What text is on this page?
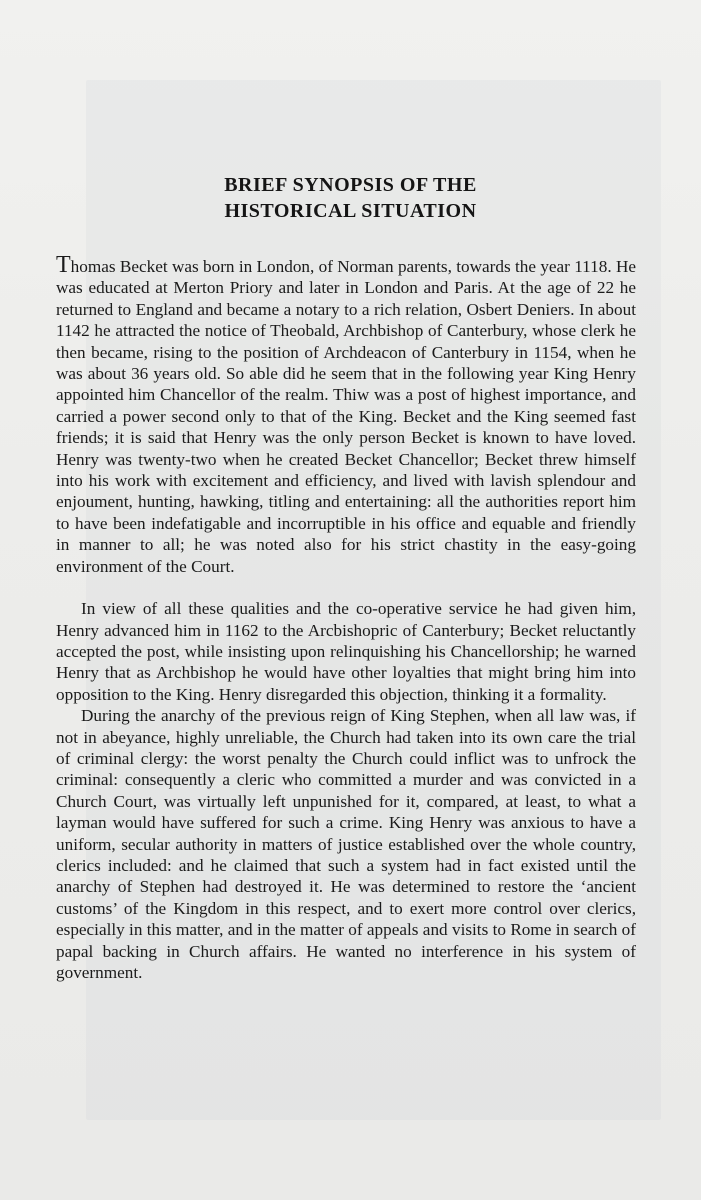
BRIEF SYNOPSIS OF THE
HISTORICAL SITUATION

Thomas Becket was born in London, of Norman parents, towards the year 1118. He was educated at Merton Priory and later in London and Paris. At the age of 22 he returned to England and became a notary to a rich relation, Osbert Deniers. In about 1142 he attracted the notice of Theobald, Archbishop of Canterbury, whose clerk he then became, rising to the position of Archdeacon of Canterbury in 1154, when he was about 36 years old. So able did he seem that in the following year King Henry appointed him Chancellor of the realm. Thiw was a post of highest importance, and carried a power second only to that of the King. Becket and the King seemed fast friends; it is said that Henry was the only person Becket is known to have loved. Henry was twenty-two when he created Becket Chancellor; Becket threw himself into his work with excitement and efficiency, and lived with lavish splendour and enjoument, hunting, hawking, titling and entertaining: all the authorities report him to have been indefatigable and incorruptible in his office and equable and friendly in manner to all; he was noted also for his strict chastity in the easy-going environment of the Court.

In view of all these qualities and the co-operative service he had given him, Henry advanced him in 1162 to the Arcbishopric of Canterbury; Becket reluctantly accepted the post, while insisting upon relinquishing his Chancellorship; he warned Henry that as Archbishop he would have other loyalties that might bring him into opposition to the King. Henry disregarded this objection, thinking it a formality.

During the anarchy of the previous reign of King Stephen, when all law was, if not in abeyance, highly unreliable, the Church had taken into its own care the trial of criminal clergy: the worst penalty the Church could inflict was to unfrock the criminal: consequently a cleric who committed a murder and was convicted in a Church Court, was virtually left unpunished for it, compared, at least, to what a layman would have suffered for such a crime. King Henry was anxious to have a uniform, secular authority in matters of justice established over the whole country, clerics included: and he claimed that such a system had in fact existed until the anarchy of Stephen had destroyed it. He was determined to restore the ‘ancient customs’ of the Kingdom in this respect, and to exert more control over clerics, especially in this matter, and in the matter of appeals and visits to Rome in search of papal backing in Church affairs. He wanted no interference in his system of government.
